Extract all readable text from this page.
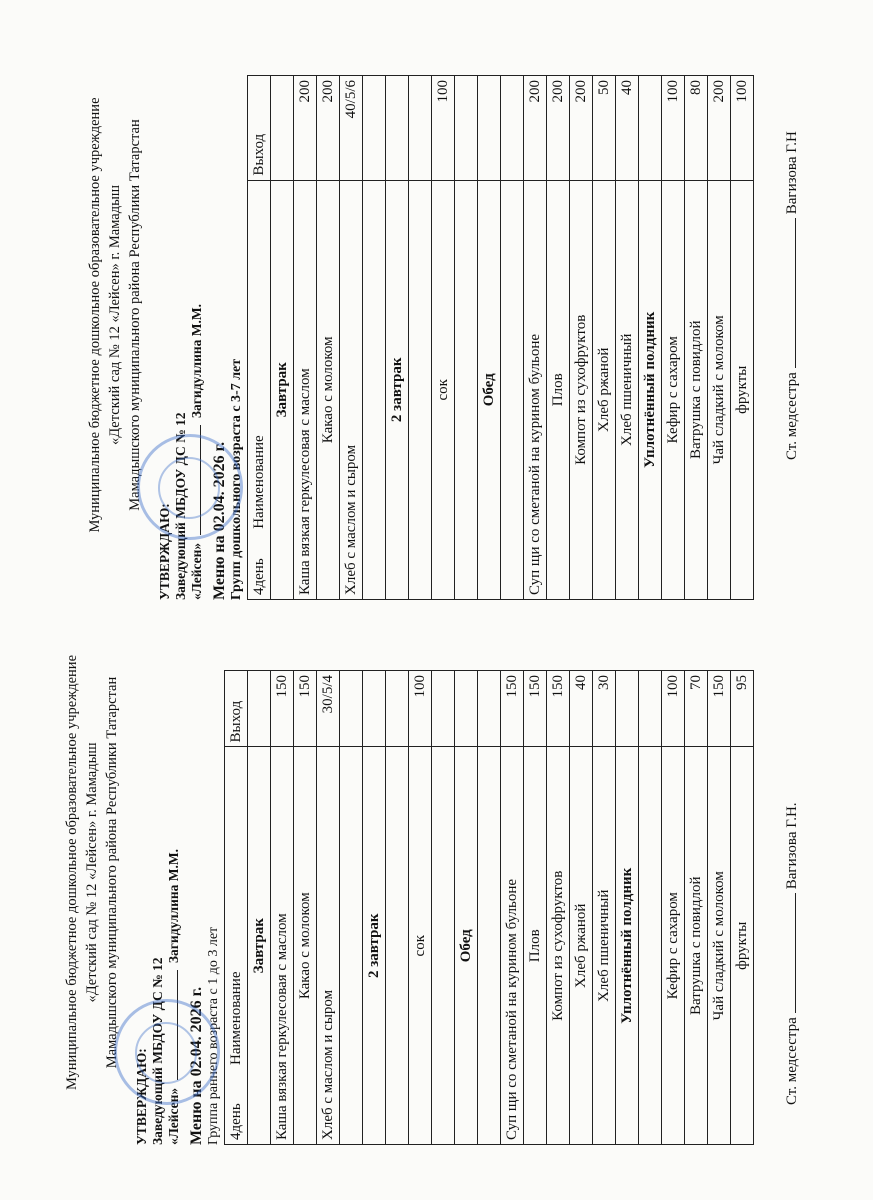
Муниципальное бюджетное дошкольное образовательное учреждение «Детский сад № 12 «Лейсен» г. Мамадыш Мамадышского муниципального района Республики Татарстан
УТВЕРЖДАЮ: Заведующий МБДОУ ДС № 12 «Лейсен»  Загидуллина М.М.
Меню на 02.04. 2026 г. Группа раннего возраста с 1 до 3 лет 4день	Наименование	Выход
Завтрак		
Каша вязкая геркулесовая с маслом		150
Какао с молоком		150
Хлеб с маслом и сыром		30/5/4

2 завтрак		

сок		100

Обед		

Суп щи со сметаной на курином бульоне		150
Плов		150
Компот из сухофруктов		150
Хлеб ржаной		40
Хлеб пшеничный		30
Уплотнённый полдник		

Кефир с сахаром		100
Ватрушка с повидлой		70
Чай сладкий с молоком		150
фрукты		95
Ст. медсестраВагизова Г.Н.
Муниципальное бюджетное дошкольное образовательное учреждение «Детский сад № 12 «Лейсен» г. Мамадыш Мамадышского муниципального района Республики Татарстан
УТВЕРЖДАЮ: Заведующий МБДОУ ДС № 12 «Лейсен»  Загидуллина М.М.
Меню на 02.04. 2026 г. Групп дошкольного возраста с 3-7 лет 4день	Наименование	Выход
Завтрак		
Каша вязкая геркулесовая с маслом		200
Какао с молоком		200
Хлеб с маслом и сыром		40/5/6

2 завтрак		

сок		100

Обед		

Суп щи со сметаной на курином бульоне		200
Плов		200
Компот из сухофруктов		200
Хлеб ржаной		50
Хлеб пшеничный		40
Уплотнённый полдник		
Кефир с сахаром		100
Ватрушка с повидлой		80
Чай сладкий с молоком		200
фрукты		100
Ст. медсестраВагизова Г.Н
